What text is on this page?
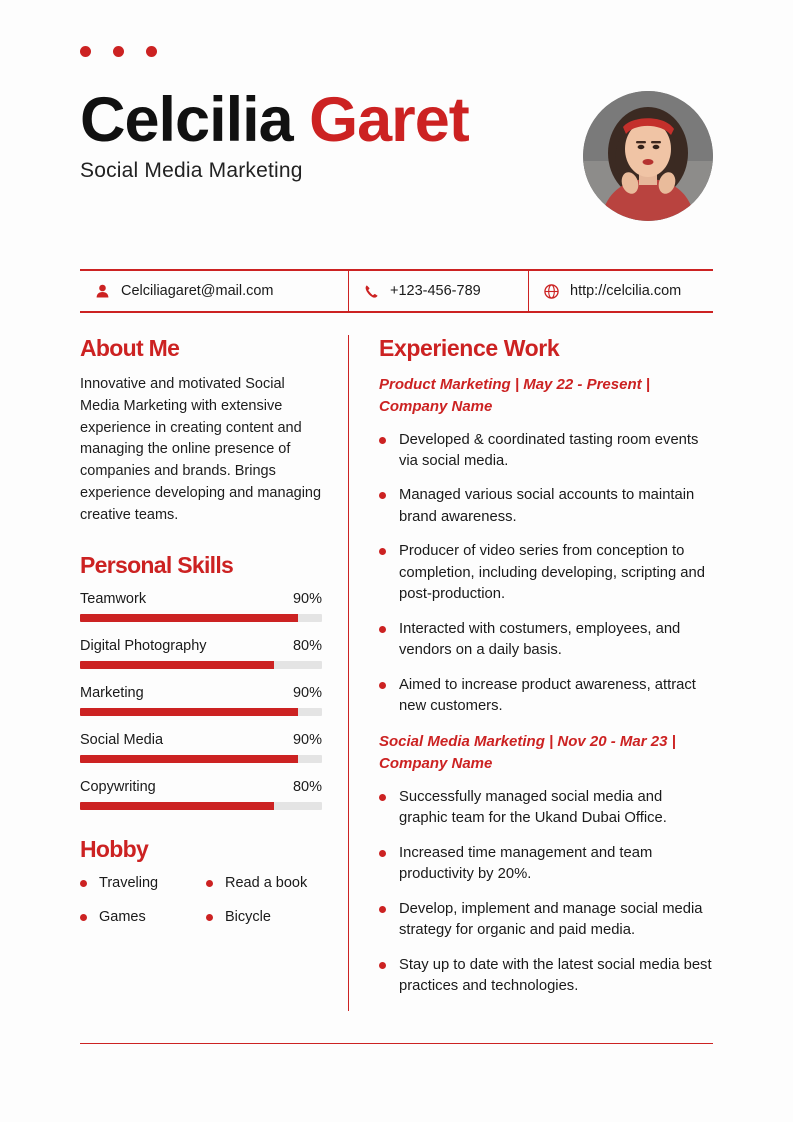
Celcilia Garet
Social Media Marketing
Celciliagaret@mail.com	+123-456-789	http://celcilia.com
About Me
Innovative and motivated Social Media Marketing with extensive experience in creating content and managing the online presence of companies and brands. Brings experience developing and managing creative teams.
Personal Skills
Teamwork	90%
Digital Photography	80%
Marketing	90%
Social Media	90%
Copywriting	80%
Hobby
Traveling	Read a book
Games	Bicycle
Experience Work
Product Marketing | May 22 - Present | Company Name
Developed & coordinated tasting room events via social media.
Managed various social accounts to maintain brand awareness.
Producer of video series from conception to completion, including developing, scripting and post-production.
Interacted with costumers, employees, and vendors on a daily basis.
Aimed to increase product awareness, attract new customers.
Social Media Marketing | Nov 20 - Mar 23 | Company Name
Successfully managed social media and graphic team for the Ukand Dubai Office.
Increased time management and team productivity by 20%.
Develop, implement and manage social media strategy for organic and paid media.
Stay up to date with the latest social media best practices and technologies.
